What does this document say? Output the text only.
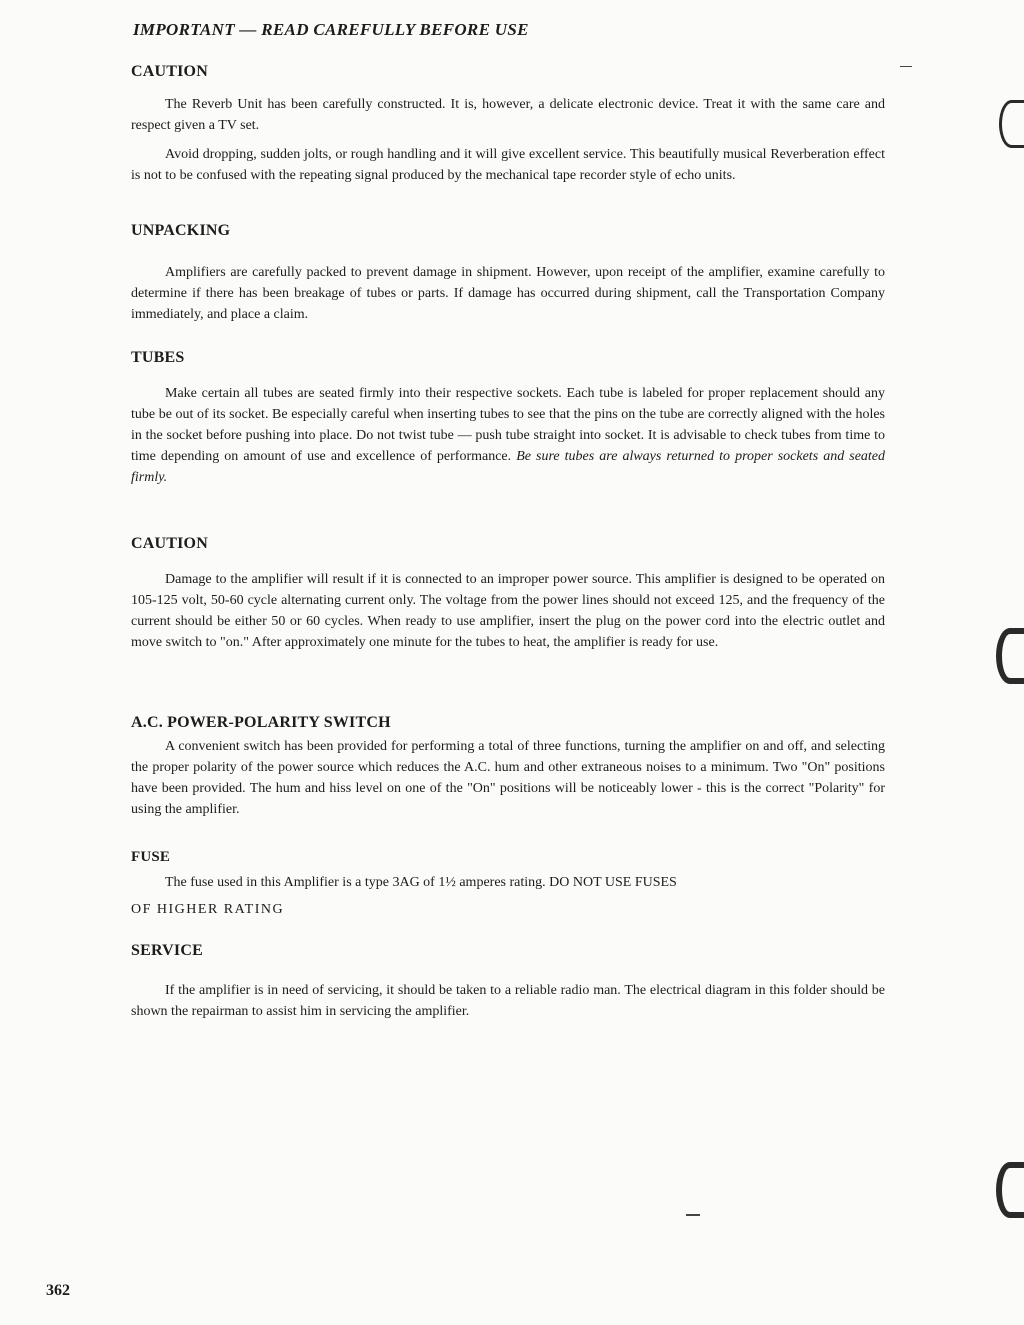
IMPORTANT — READ CAREFULLY BEFORE USE
CAUTION

The Reverb Unit has been carefully constructed. It is, however, a delicate electronic device. Treat it with the same care and respect given a TV set.

Avoid dropping, sudden jolts, or rough handling and it will give excellent service. This beautifully musical Reverberation effect is not to be confused with the repeating signal produced by the mechanical tape recorder style of echo units.

UNPACKING

Amplifiers are carefully packed to prevent damage in shipment. However, upon receipt of the amplifier, examine carefully to determine if there has been breakage of tubes or parts. If damage has occurred during shipment, call the Transportation Company immediately, and place a claim.

TUBES

Make certain all tubes are seated firmly into their respective sockets. Each tube is labeled for proper replacement should any tube be out of its socket. Be especially careful when inserting tubes to see that the pins on the tube are correctly aligned with the holes in the socket before pushing into place. Do not twist tube — push tube straight into socket. It is advisable to check tubes from time to time depending on amount of use and excellence of performance. Be sure tubes are always returned to proper sockets and seated firmly.

CAUTION

Damage to the amplifier will result if it is connected to an improper power source. This amplifier is designed to be operated on 105-125 volt, 50-60 cycle alternating current only. The voltage from the power lines should not exceed 125, and the frequency of the current should be either 50 or 60 cycles. When ready to use amplifier, insert the plug on the power cord into the electric outlet and move switch to "on." After approximately one minute for the tubes to heat, the amplifier is ready for use.

A.C. POWER-POLARITY SWITCH

A convenient switch has been provided for performing a total of three functions, turning the amplifier on and off, and selecting the proper polarity of the power source which reduces the A.C. hum and other extraneous noises to a minimum. Two "On" positions have been provided. The hum and hiss level on one of the "On" positions will be noticeably lower - this is the correct "Polarity" for using the amplifier.

FUSE

The fuse used in this Amplifier is a type 3AG of 1½ amperes rating. DO NOT USE FUSES

OF HIGHER RATING

SERVICE

If the amplifier is in need of servicing, it should be taken to a reliable radio man. The electrical diagram in this folder should be shown the repairman to assist him in servicing the amplifier.

362
